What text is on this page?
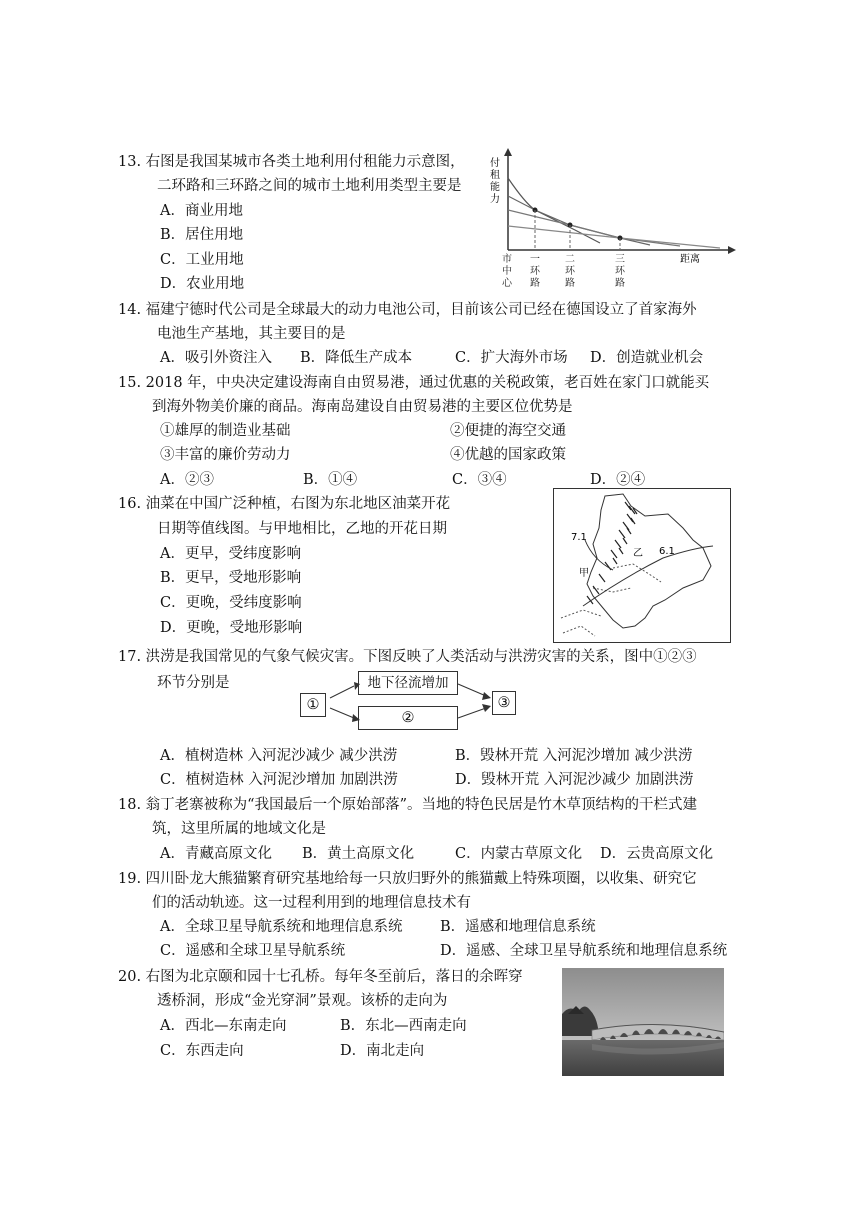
13. 右图是我国某城市各类土地利用付租能力示意图，
二环路和三环路之间的城市土地利用类型主要是
A．商业用地
B．居住用地
C．工业用地
D．农业用地
付
租
能
力
距离
市
中
心
一
环
路
二
环
路
三
环
路
14. 福建宁德时代公司是全球最大的动力电池公司，目前该公司已经在德国设立了首家海外
电池生产基地，其主要目的是
A．吸引外资注入 B．降低生产成本	C．扩大海外市场 D．创造就业机会
15. 2018 年，中央决定建设海南自由贸易港，通过优惠的关税政策，老百姓在家门口就能买
到海外物美价廉的商品。海南岛建设自由贸易港的主要区位优势是
①雄厚的制造业基础	②便捷的海空交通
③丰富的廉价劳动力	④优越的国家政策
A．②③	B．①④	C．③④	D．②④
16. 油菜在中国广泛种植，右图为东北地区油菜开花
日期等值线图。与甲地相比，乙地的开花日期
A．更早，受纬度影响
B．更早，受地形影响
C．更晚，受纬度影响
D．更晚，受地形影响
7.1
6.1
甲
乙
17. 洪涝是我国常见的气象气候灾害。下图反映了人类活动与洪涝灾害的关系，图中①②③
环节分别是
①
地下径流增加
②
③
A．植树造林 入河泥沙减少 减少洪涝	B．毁林开荒 入河泥沙增加 减少洪涝
C．植树造林 入河泥沙增加 加剧洪涝	D．毁林开荒 入河泥沙减少 加剧洪涝
18. 翁丁老寨被称为“我国最后一个原始部落”。当地的特色民居是竹木草顶结构的干栏式建
筑，这里所属的地域文化是
A．青藏高原文化 B．黄土高原文化	C．内蒙古草原文化 D．云贵高原文化
19. 四川卧龙大熊猫繁育研究基地给每一只放归野外的熊猫戴上特殊项圈，以收集、研究它
们的活动轨迹。这一过程利用到的地理信息技术有
A．全球卫星导航系统和地理信息系统	B．遥感和地理信息系统
C．遥感和全球卫星导航系统	D．遥感、全球卫星导航系统和地理信息系统
20. 右图为北京颐和园十七孔桥。每年冬至前后，落日的余晖穿
透桥洞，形成“金光穿洞”景观。该桥的走向为
A．西北—东南走向	B．东北—西南走向
C．东西走向	D．南北走向
